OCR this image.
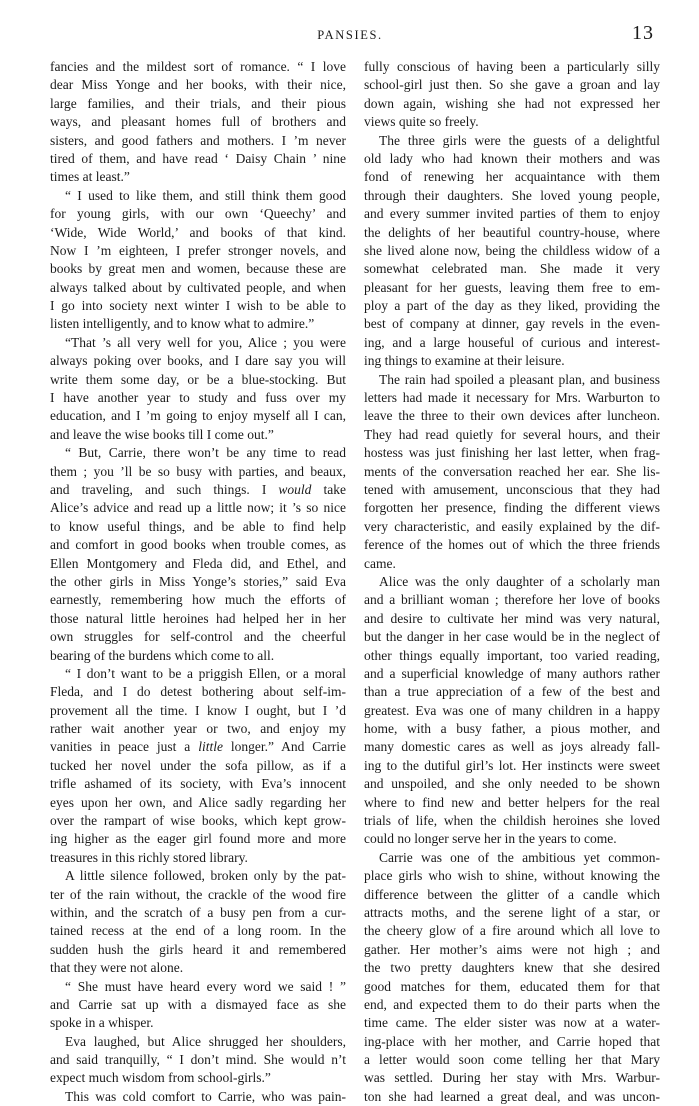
PANSIES.	13
fancies and the mildest sort of romance. “ I love
dear Miss Yonge and her books, with their nice,
large families, and their trials, and their pious
ways, and pleasant homes full of brothers and
sisters, and good fathers and mothers. I ’m never
tired of them, and have read ‘ Daisy Chain ’ nine
times at least.”
“ I used to like them, and still think them good
for young girls, with our own ‘Queechy’ and
‘Wide, Wide World,’ and books of that kind.
Now I ’m eighteen, I prefer stronger novels, and
books by great men and women, because these are
always talked about by cultivated people, and when
I go into society next winter I wish to be able to
listen intelligently, and to know what to admire.”
“That ’s all very well for you, Alice ; you were
always poking over books, and I dare say you will
write them some day, or be a blue-stocking. But
I have another year to study and fuss over my
education, and I ’m going to enjoy myself all I can,
and leave the wise books till I come out.”
“ But, Carrie, there won’t be any time to read
them ; you ’ll be so busy with parties, and beaux,
and traveling, and such things. I would take
Alice’s advice and read up a little now; it ’s so nice
to know useful things, and be able to find help
and comfort in good books when trouble comes, as
Ellen Montgomery and Fleda did, and Ethel, and
the other girls in Miss Yonge’s stories,” said Eva
earnestly, remembering how much the efforts of
those natural little heroines had helped her in her
own struggles for self-control and the cheerful
bearing of the burdens which come to all.
“ I don’t want to be a priggish Ellen, or a moral
Fleda, and I do detest bothering about self-im-
provement all the time. I know I ought, but I ’d
rather wait another year or two, and enjoy my
vanities in peace just a little longer.” And Carrie
tucked her novel under the sofa pillow, as if a
trifle ashamed of its society, with Eva’s innocent
eyes upon her own, and Alice sadly regarding her
over the rampart of wise books, which kept grow-
ing higher as the eager girl found more and more
treasures in this richly stored library.
A little silence followed, broken only by the pat-
ter of the rain without, the crackle of the wood fire
within, and the scratch of a busy pen from a cur-
tained recess at the end of a long room. In the
sudden hush the girls heard it and remembered
that they were not alone.
“ She must have heard every word we said ! ”
and Carrie sat up with a dismayed face as she
spoke in a whisper.
Eva laughed, but Alice shrugged her shoulders,
and said tranquilly, “ I don’t mind. She would n’t
expect much wisdom from school-girls.”
This was cold comfort to Carrie, who was pain-
fully conscious of having been a particularly silly
school-girl just then. So she gave a groan and lay
down again, wishing she had not expressed her
views quite so freely.
The three girls were the guests of a delightful
old lady who had known their mothers and was
fond of renewing her acquaintance with them
through their daughters. She loved young people,
and every summer invited parties of them to enjoy
the delights of her beautiful country-house, where
she lived alone now, being the childless widow of a
somewhat celebrated man. She made it very
pleasant for her guests, leaving them free to em-
ploy a part of the day as they liked, providing the
best of company at dinner, gay revels in the even-
ing, and a large houseful of curious and interest-
ing things to examine at their leisure.
The rain had spoiled a pleasant plan, and business
letters had made it necessary for Mrs. Warburton to
leave the three to their own devices after luncheon.
They had read quietly for several hours, and their
hostess was just finishing her last letter, when frag-
ments of the conversation reached her ear. She lis-
tened with amusement, unconscious that they had
forgotten her presence, finding the different views
very characteristic, and easily explained by the dif-
ference of the homes out of which the three friends
came.
Alice was the only daughter of a scholarly man
and a brilliant woman ; therefore her love of books
and desire to cultivate her mind was very natural,
but the danger in her case would be in the neglect of
other things equally important, too varied reading,
and a superficial knowledge of many authors rather
than a true appreciation of a few of the best and
greatest. Eva was one of many children in a happy
home, with a busy father, a pious mother, and
many domestic cares as well as joys already fall-
ing to the dutiful girl’s lot. Her instincts were sweet
and unspoiled, and she only needed to be shown
where to find new and better helpers for the real
trials of life, when the childish heroines she loved
could no longer serve her in the years to come.
Carrie was one of the ambitious yet common-
place girls who wish to shine, without knowing the
difference between the glitter of a candle which
attracts moths, and the serene light of a star, or
the cheery glow of a fire around which all love to
gather. Her mother’s aims were not high ; and
the two pretty daughters knew that she desired
good matches for them, educated them for that
end, and expected them to do their parts when the
time came. The elder sister was now at a water-
ing-place with her mother, and Carrie hoped that
a letter would soon come telling her that Mary
was settled. During her stay with Mrs. Warbur-
ton she had learned a great deal, and was uncon-
